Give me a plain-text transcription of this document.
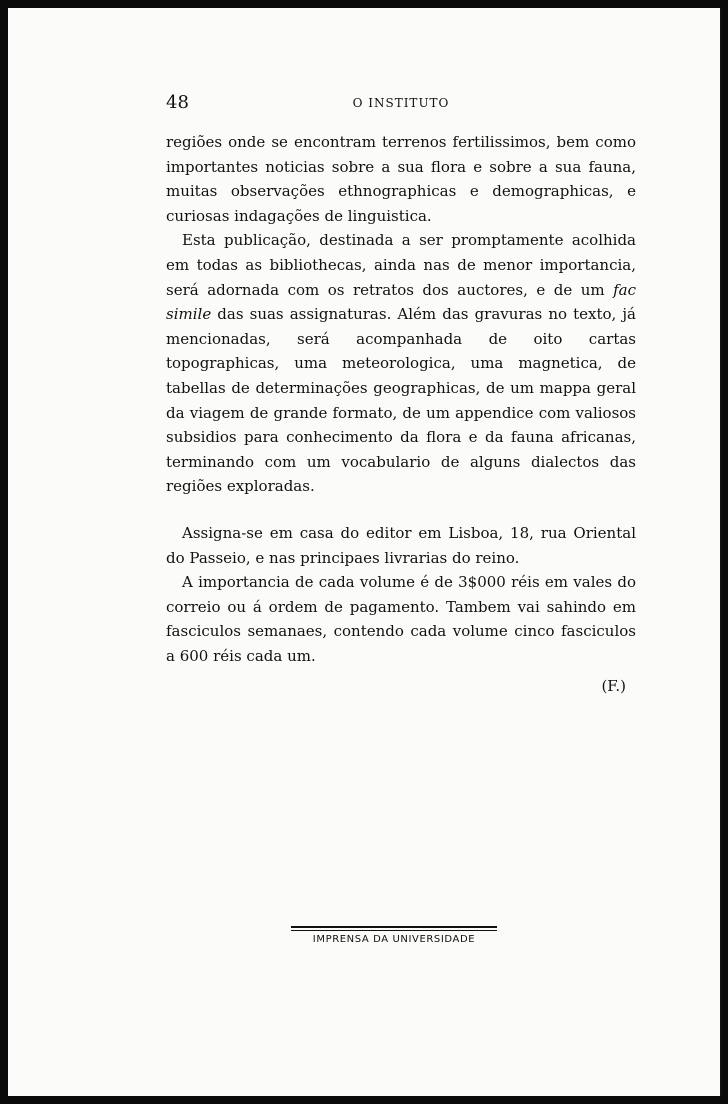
48	O INSTITUTO

regiões onde se encontram terrenos fertilissimos, bem como importantes noticias sobre a sua flora e sobre a sua fauna, muitas observações ethnographicas e demographicas, e curiosas indagações de linguistica.

Esta publicação, destinada a ser promptamente acolhida em todas as bibliothecas, ainda nas de menor importancia, será adornada com os retratos dos auctores, e de um fac simile das suas assignaturas. Além das gravuras no texto, já mencionadas, será acompanhada de oito cartas topographicas, uma meteorologica, uma magnetica, de tabellas de determinações geographicas, de um mappa geral da viagem de grande formato, de um appendice com valiosos subsidios para conhecimento da flora e da fauna africanas, terminando com um vocabulario de alguns dialectos das regiões exploradas.

Assigna-se em casa do editor em Lisboa, 18, rua Oriental do Passeio, e nas principaes livrarias do reino.

A importancia de cada volume é de 3$000 réis em vales do correio ou á ordem de pagamento. Tambem vai sahindo em fasciculos semanaes, contendo cada volume cinco fasciculos a 600 réis cada um.

(F.)
IMPRENSA DA UNIVERSIDADE
